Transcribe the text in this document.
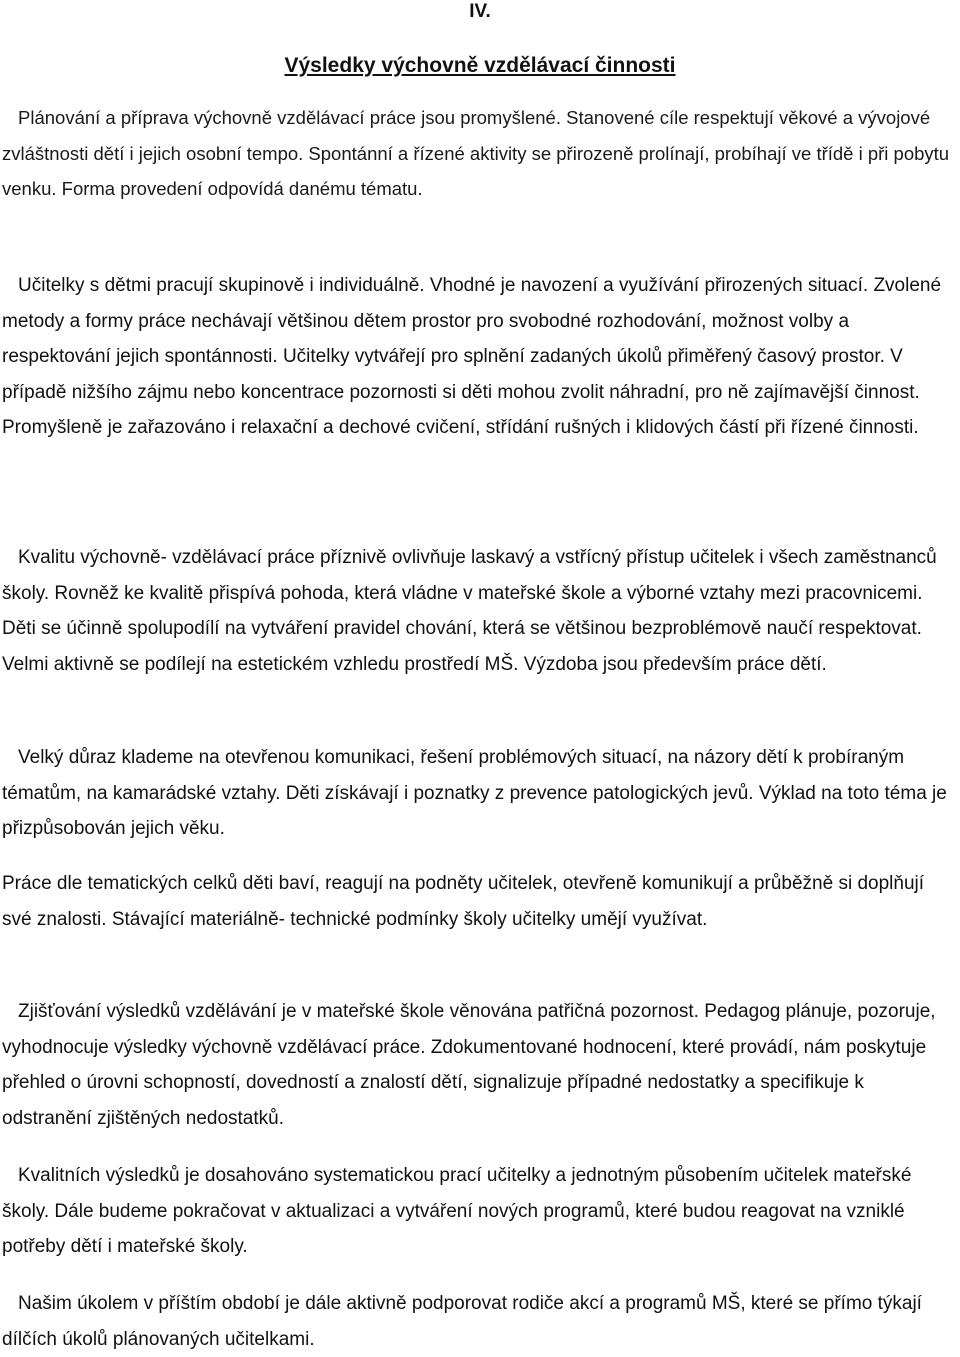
IV.
Výsledky výchovně vzdělávací činnosti

Plánování a příprava výchovně vzdělávací práce jsou promyšlené. Stanovené cíle respektují věkové a vývojové zvláštnosti dětí i jejich osobní tempo. Spontánní a řízené aktivity se přirozeně prolínají, probíhají ve třídě i při pobytu venku. Forma provedení odpovídá danému tématu.

Učitelky s dětmi pracují skupinově i individuálně. Vhodné je navození a využívání přirozených situací. Zvolené metody a formy práce nechávají většinou dětem prostor pro svobodné rozhodování, možnost volby a respektování jejich spontánnosti. Učitelky vytvářejí pro splnění zadaných úkolů přiměřený časový prostor. V případě nižšího zájmu nebo koncentrace pozornosti si děti mohou zvolit náhradní, pro ně zajímavější činnost. Promyšleně je zařazováno i relaxační a dechové cvičení, střídání rušných i klidových částí při řízené činnosti.

Kvalitu výchovně- vzdělávací práce příznivě ovlivňuje laskavý a vstřícný přístup učitelek i všech zaměstnanců školy. Rovněž ke kvalitě přispívá pohoda, která vládne v mateřské škole a výborné vztahy mezi pracovnicemi. Děti se účinně spolupodílí na vytváření pravidel chování, která se většinou bezproblémově naučí respektovat. Velmi aktivně se podílejí na estetickém vzhledu prostředí MŠ. Výzdoba jsou především práce dětí.

Velký důraz klademe na otevřenou komunikaci, řešení problémových situací, na názory dětí k probíraným tématům, na kamarádské vztahy. Děti získávají i poznatky z prevence patologických jevů. Výklad na toto téma je přizpůsobován jejich věku.

Práce dle tematických celků děti baví, reagují na podněty učitelek, otevřeně komunikují a průběžně si doplňují své znalosti. Stávající materiálně- technické podmínky školy učitelky umějí využívat.

Zjišťování výsledků vzdělávání je v mateřské škole věnována patřičná pozornost. Pedagog plánuje, pozoruje, vyhodnocuje výsledky výchovně vzdělávací práce. Zdokumentované hodnocení, které provádí, nám poskytuje přehled o úrovni schopností, dovedností a znalostí dětí, signalizuje případné nedostatky a specifikuje k odstranění zjištěných nedostatků.

Kvalitních výsledků je dosahováno systematickou prací učitelky a jednotným působením učitelek mateřské školy. Dále budeme pokračovat v aktualizaci a vytváření nových programů, které budou reagovat na vzniklé potřeby dětí i mateřské školy.

Našim úkolem v příštím období je dále aktivně podporovat rodiče akcí a programů MŠ, které se přímo týkají dílčích úkolů plánovaných učitelkami.
